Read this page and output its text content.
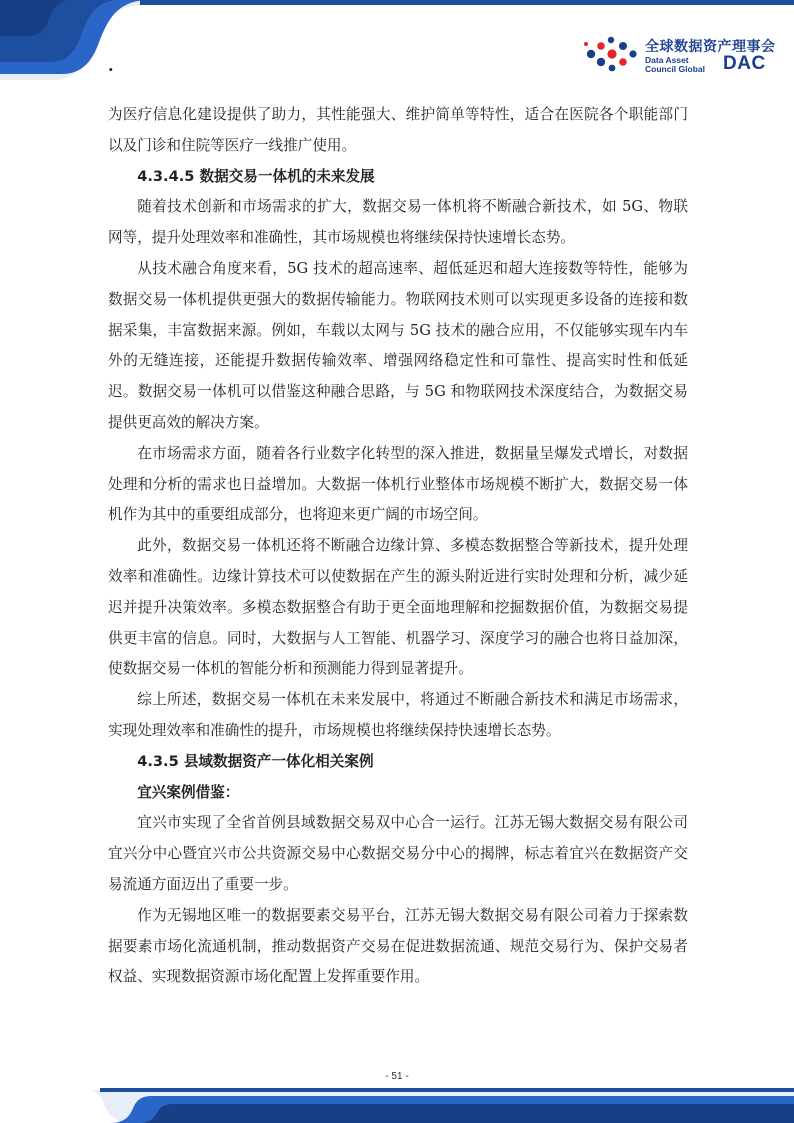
.
全球数据资产理事会
Data Asset
Council Global DAC

为医疗信息化建设提供了助力，其性能强大、维护简单等特性，适合在医院各个职能部门以及门诊和住院等医疗一线推广使用。

4.3.4.5 数据交易一体机的未来发展

随着技术创新和市场需求的扩大，数据交易一体机将不断融合新技术，如 5G、物联网等，提升处理效率和准确性，其市场规模也将继续保持快速增长态势。

从技术融合角度来看，5G 技术的超高速率、超低延迟和超大连接数等特性，能够为数据交易一体机提供更强大的数据传输能力。物联网技术则可以实现更多设备的连接和数据采集，丰富数据来源。例如，车载以太网与 5G 技术的融合应用，不仅能够实现车内车外的无缝连接，还能提升数据传输效率、增强网络稳定性和可靠性、提高实时性和低延迟。数据交易一体机可以借鉴这种融合思路，与 5G 和物联网技术深度结合，为数据交易提供更高效的解决方案。

在市场需求方面，随着各行业数字化转型的深入推进，数据量呈爆发式增长，对数据处理和分析的需求也日益增加。大数据一体机行业整体市场规模不断扩大，数据交易一体机作为其中的重要组成部分，也将迎来更广阔的市场空间。

此外，数据交易一体机还将不断融合边缘计算、多模态数据整合等新技术，提升处理效率和准确性。边缘计算技术可以使数据在产生的源头附近进行实时处理和分析，减少延迟并提升决策效率。多模态数据整合有助于更全面地理解和挖掘数据价值，为数据交易提供更丰富的信息。同时，大数据与人工智能、机器学习、深度学习的融合也将日益加深，使数据交易一体机的智能分析和预测能力得到显著提升。

综上所述，数据交易一体机在未来发展中，将通过不断融合新技术和满足市场需求，实现处理效率和准确性的提升，市场规模也将继续保持快速增长态势。

4.3.5 县域数据资产一体化相关案例
宜兴案例借鉴：

宜兴市实现了全省首例县域数据交易双中心合一运行。江苏无锡大数据交易有限公司宜兴分中心暨宜兴市公共资源交易中心数据交易分中心的揭牌，标志着宜兴在数据资产交易流通方面迈出了重要一步。

作为无锡地区唯一的数据要素交易平台，江苏无锡大数据交易有限公司着力于探索数据要素市场化流通机制，推动数据资产交易在促进数据流通、规范交易行为、保护交易者权益、实现数据资源市场化配置上发挥重要作用。

- 51 -
